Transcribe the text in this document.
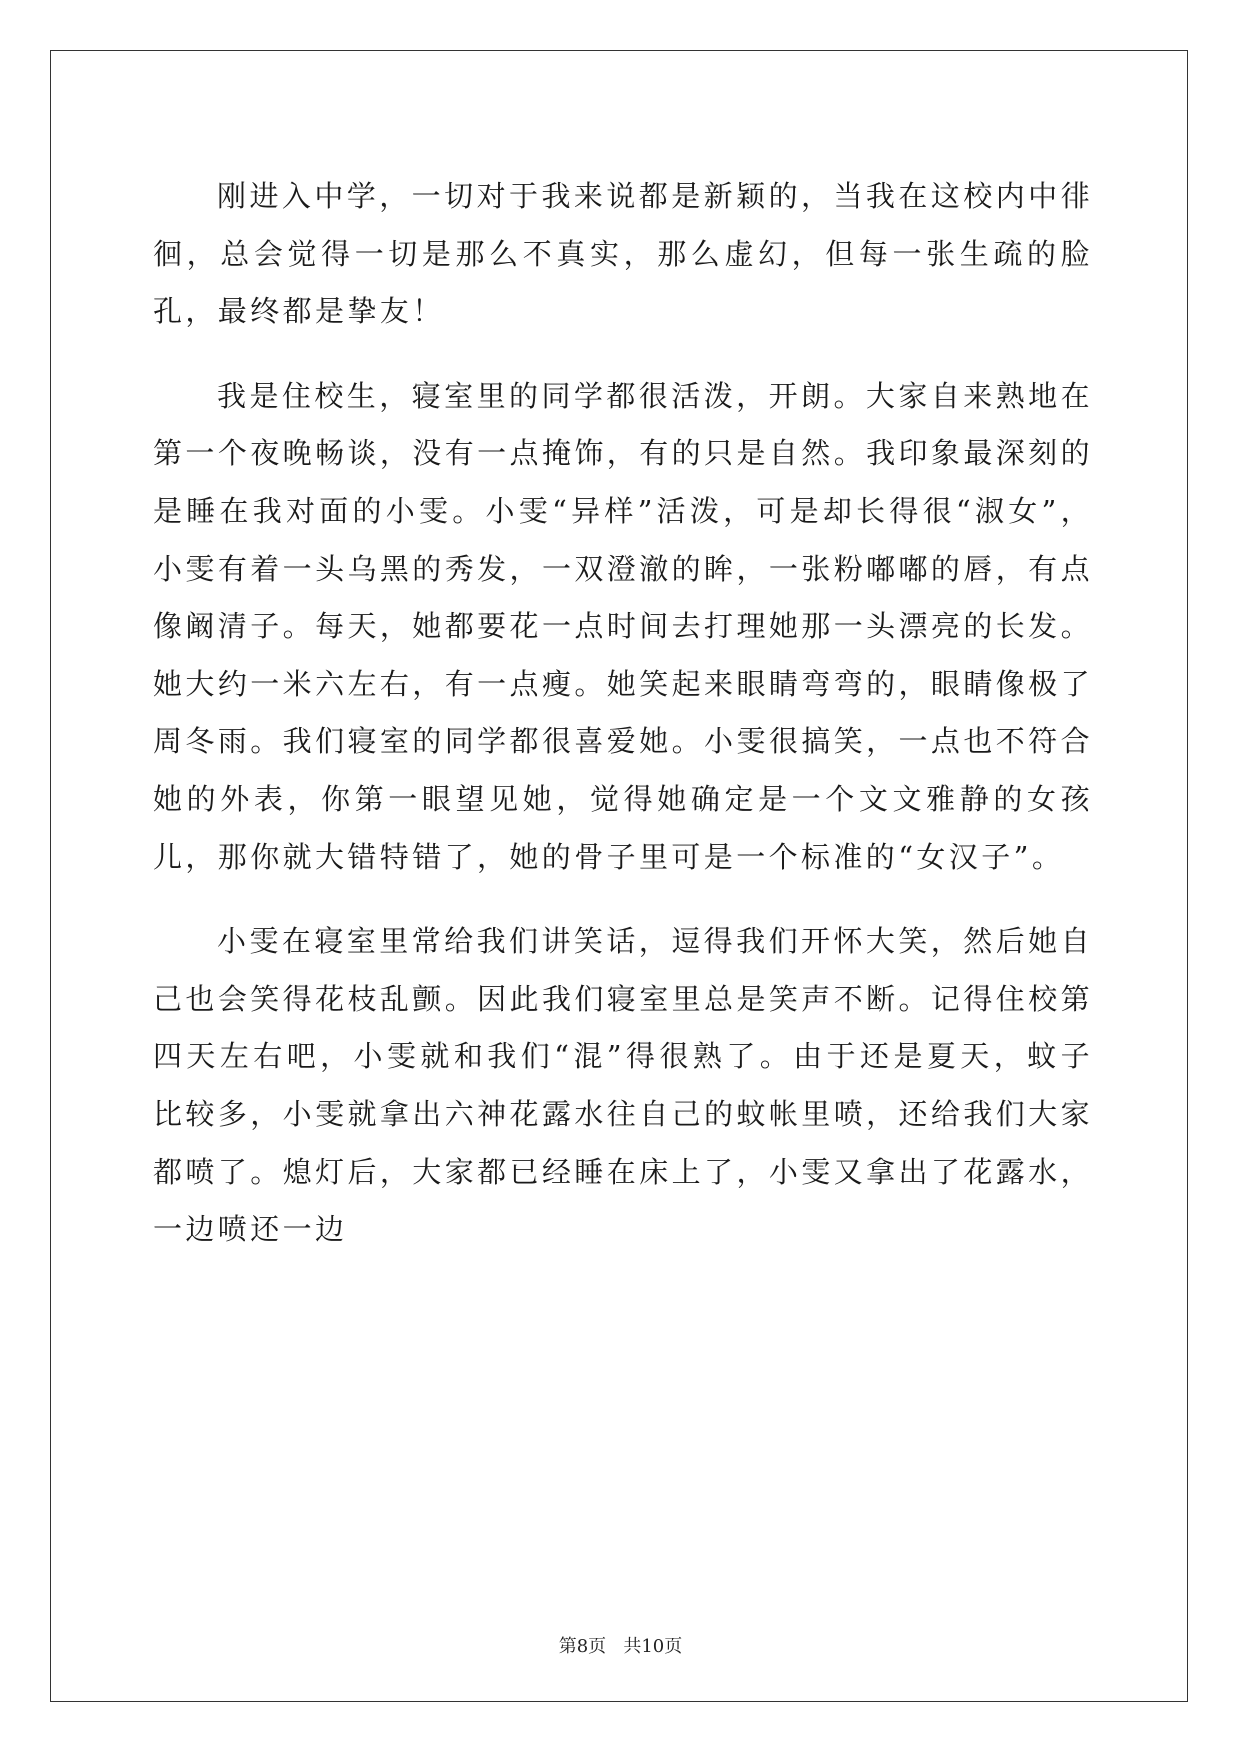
刚进入中学，一切对于我来说都是新颖的，当我在这校内中徘徊，总会觉得一切是那么不真实，那么虚幻，但每一张生疏的脸孔，最终都是挚友！

我是住校生，寝室里的同学都很活泼，开朗。大家自来熟地在第一个夜晚畅谈，没有一点掩饰，有的只是自然。我印象最深刻的是睡在我对面的小雯。小雯“异样”活泼，可是却长得很“淑女”，小雯有着一头乌黑的秀发，一双澄澈的眸，一张粉嘟嘟的唇，有点像阚清子。每天，她都要花一点时间去打理她那一头漂亮的长发。她大约一米六左右，有一点瘦。她笑起来眼睛弯弯的，眼睛像极了周冬雨。我们寝室的同学都很喜爱她。小雯很搞笑，一点也不符合她的外表，你第一眼望见她，觉得她确定是一个文文雅静的女孩儿，那你就大错特错了，她的骨子里可是一个标准的“女汉子”。

小雯在寝室里常给我们讲笑话，逗得我们开怀大笑，然后她自己也会笑得花枝乱颤。因此我们寝室里总是笑声不断。记得住校第四天左右吧，小雯就和我们“混”得很熟了。由于还是夏天，蚊子比较多，小雯就拿出六神花露水往自己的蚊帐里喷，还给我们大家都喷了。熄灯后，大家都已经睡在床上了，小雯又拿出了花露水，一边喷还一边

第8页 共10页
